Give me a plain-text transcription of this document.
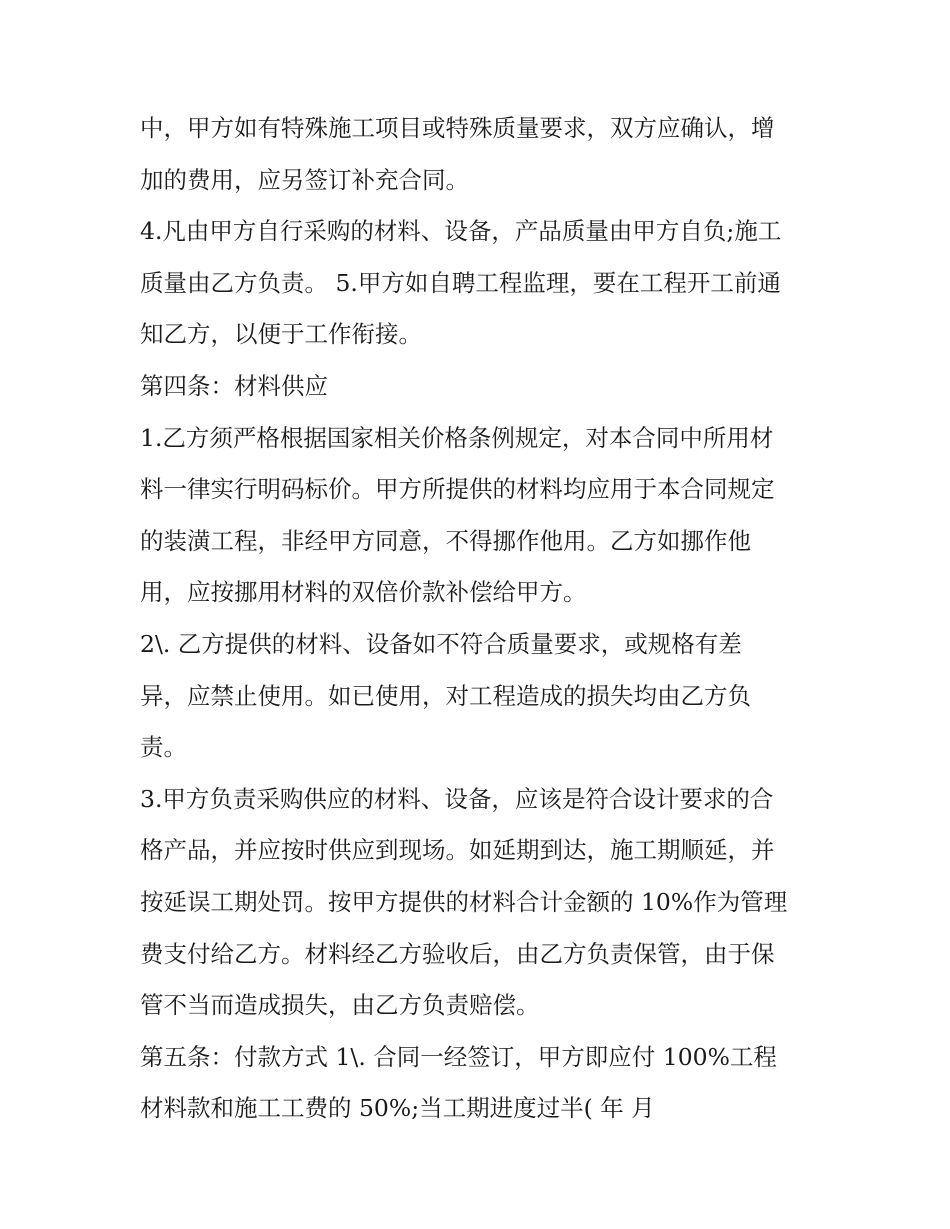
中，甲方如有特殊施工项目或特殊质量要求，双方应确认，增
加的费用，应另签订补充合同。
4.凡由甲方自行采购的材料、设备，产品质量由甲方自负;施工
质量由乙方负责。 5.甲方如自聘工程监理，要在工程开工前通
知乙方，以便于工作衔接。
第四条：材料供应
1.乙方须严格根据国家相关价格条例规定，对本合同中所用材
料一律实行明码标价。甲方所提供的材料均应用于本合同规定
的装潢工程，非经甲方同意，不得挪作他用。乙方如挪作他
用，应按挪用材料的双倍价款补偿给甲方。
2\. 乙方提供的材料、设备如不符合质量要求，或规格有差
异，应禁止使用。如已使用，对工程造成的损失均由乙方负
责。
3.甲方负责采购供应的材料、设备，应该是符合设计要求的合
格产品，并应按时供应到现场。如延期到达，施工期顺延，并
按延误工期处罚。按甲方提供的材料合计金额的 10%作为管理
费支付给乙方。材料经乙方验收后，由乙方负责保管，由于保
管不当而造成损失，由乙方负责赔偿。
第五条：付款方式 1\. 合同一经签订，甲方即应付 100%工程
材料款和施工工费的 50%;当工期进度过半( 年 月
